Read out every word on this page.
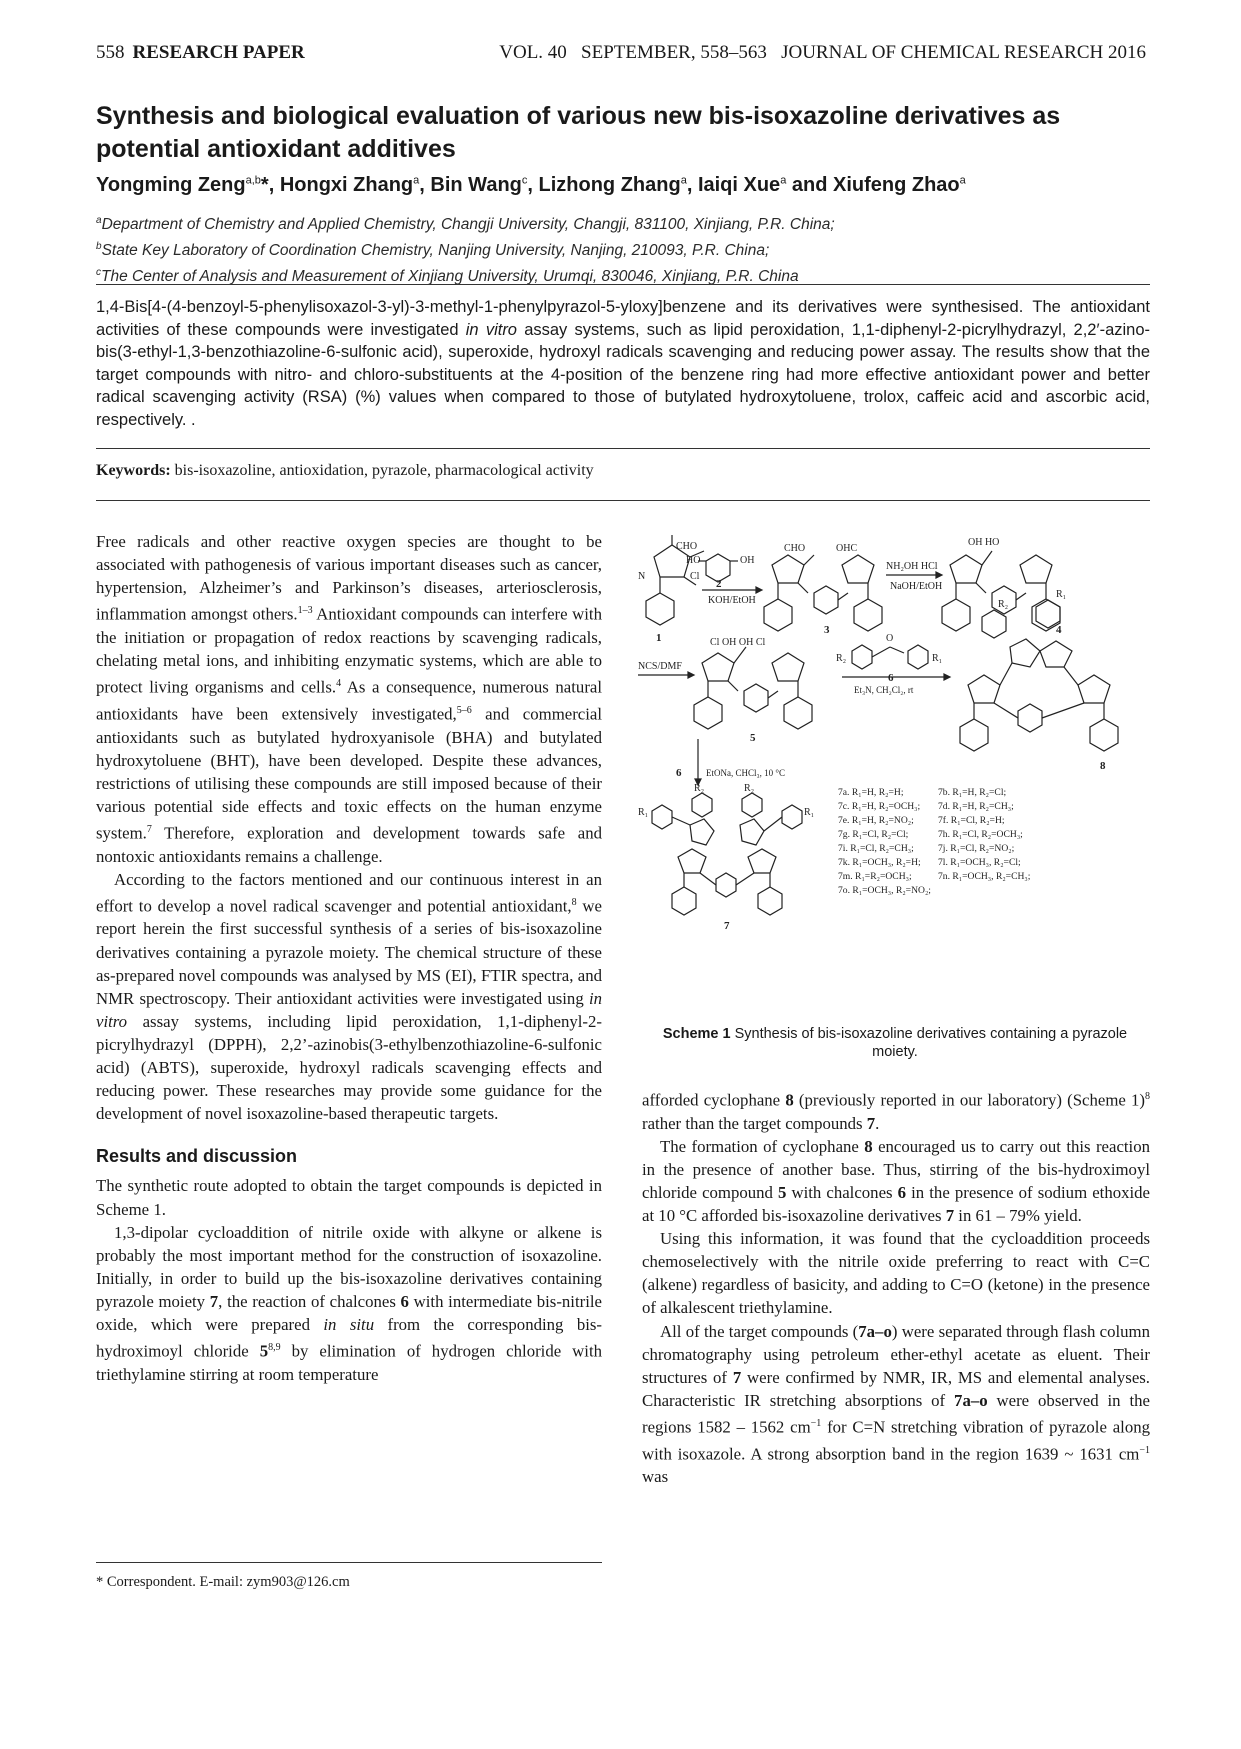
558 RESEARCH PAPER	VOL. 40   SEPTEMBER, 558–563   JOURNAL OF CHEMICAL RESEARCH 2016
Synthesis and biological evaluation of various new bis-isoxazoline derivatives as potential antioxidant additives
Yongming Zeng$^{a,b}$*, Hongxi Zhang$^a$, Bin Wang$^c$, Lizhong Zhang$^a$, Iaiqi Xue$^a$ and Xiufeng Zhao$^a$
$^a$Department of Chemistry and Applied Chemistry, Changji University, Changji, 831100, Xinjiang, P.R. China;
$^b$State Key Laboratory of Coordination Chemistry, Nanjing University, Nanjing, 210093, P.R. China;
$^c$The Center of Analysis and Measurement of Xinjiang University, Urumqi, 830046, Xinjiang, P.R. China
1,4-Bis[4-(4-benzoyl-5-phenylisoxazol-3-yl)-3-methyl-1-phenylpyrazol-5-yloxy]benzene and its derivatives were synthesised. The antioxidant activities of these compounds were investigated in vitro assay systems, such as lipid peroxidation, 1,1-diphenyl-2-picrylhydrazyl, 2,2′-azino-bis(3-ethyl-1,3-benzothiazoline-6-sulfonic acid), superoxide, hydroxyl radicals scavenging and reducing power assay. The results show that the target compounds with nitro- and chloro-substituents at the 4-position of the benzene ring had more effective antioxidant power and better radical scavenging activity (RSA) (%) values when compared to those of butylated hydroxytoluene, trolox, caffeic acid and ascorbic acid, respectively. .
Keywords: bis-isoxazoline, antioxidation, pyrazole, pharmacological activity

Free radicals and other reactive oxygen species are thought to be associated with pathogenesis of various important diseases such as cancer, hypertension, Alzheimer’s and Parkinson’s diseases, arteriosclerosis, inflammation amongst others.$^{1-3}$ Antioxidant compounds can interfere with the initiation or propagation of redox reactions by scavenging radicals, chelating metal ions, and inhibiting enzymatic systems, which are able to protect living organisms and cells.$^4$ As a consequence, numerous natural antioxidants have been extensively investigated,$^{5-6}$ and commercial antioxidants such as butylated hydroxyanisole (BHA) and butylated hydroxytoluene (BHT), have been developed. Despite these advances, restrictions of utilising these compounds are still imposed because of their various potential side effects and toxic effects on the human enzyme system.$^7$ Therefore, exploration and development towards safe and nontoxic antioxidants remains a challenge.

According to the factors mentioned and our continuous interest in an effort to develop a novel radical scavenger and potential antioxidant,$^8$ we report herein the first successful synthesis of a series of bis-isoxazoline derivatives containing a pyrazole moiety. The chemical structure of these as-prepared novel compounds was analysed by MS (EI), FTIR spectra, and NMR spectroscopy. Their antioxidant activities were investigated using in vitro assay systems, including lipid peroxidation, 1,1-diphenyl-2-picrylhydrazyl (DPPH), 2,2’-azinobis(3-ethylbenzothiazoline-6-sulfonic acid) (ABTS), superoxide, hydroxyl radicals scavenging effects and reducing power. These researches may provide some guidance for the development of novel isoxazoline-based therapeutic targets.

Results and discussion

The synthetic route adopted to obtain the target compounds is depicted in Scheme 1.

1,3-dipolar cycloaddition of nitrile oxide with alkyne or alkene is probably the most important method for the construction of isoxazoline. Initially, in order to build up the bis-isoxazoline derivatives containing pyrazole moiety 7, the reaction of chalcones 6 with intermediate bis-nitrile oxide, which were prepared in situ from the corresponding bis-hydroximoyl chloride 5$^{8,9}$ by elimination of hydrogen chloride with triethylamine stirring at room temperature

CHO
N	Cl
1
HO	OH
2
KOH/EtOH
CHO	OHC
3
NH₂OH HCl
NaOH/EtOH
OH HO
4
NCS/DMF
Cl OH OH Cl
5
R₂	R₁
O
6
Et₃N, CH₂Cl₂, rt
R₁
R₂
8
6	EtONa, CHCl₃, 10 °C
R₂	R₂
R₁	R₁
7
7a. R₁=H, R₂=H;	7b. R₁=H, R₂=Cl;
7c. R₁=H, R₂=OCH₃; 7d. R₁=H, R₂=CH₃;
7e. R₁=H, R₂=NO₂;	7f. R₁=Cl, R₂=H;
7g. R₁=Cl, R₂=Cl;	7h. R₁=Cl, R₂=OCH₃;
7i. R₁=Cl, R₂=CH₃;	7j. R₁=Cl, R₂=NO₂;
7k. R₁=OCH₃, R₂=H; 7l. R₁=OCH₃, R₂=Cl;
7m. R₁=R₂=OCH₃;	7n. R₁=OCH₃, R₂=CH₃;
7o. R₁=OCH₃, R₂=NO₂;
Scheme 1 Synthesis of bis-isoxazoline derivatives containing a pyrazole moiety.

afforded cyclophane 8 (previously reported in our laboratory) (Scheme 1)$^8$ rather than the target compounds 7.

The formation of cyclophane 8 encouraged us to carry out this reaction in the presence of another base. Thus, stirring of the bis-hydroximoyl chloride compound 5 with chalcones 6 in the presence of sodium ethoxide at 10 °C afforded bis-isoxazoline derivatives 7 in 61 – 79% yield.

Using this information, it was found that the cycloaddition proceeds chemoselectively with the nitrile oxide preferring to react with C=C (alkene) regardless of basicity, and adding to C=O (ketone) in the presence of alkalescent triethylamine.

All of the target compounds (7a–o) were separated through flash column chromatography using petroleum ether-ethyl acetate as eluent. Their structures of 7 were confirmed by NMR, IR, MS and elemental analyses. Characteristic IR stretching absorptions of 7a–o were observed in the regions 1582 – 1562 $cm^{-1}$ for C=N stretching vibration of pyrazole along with isoxazole. A strong absorption band in the region 1639 ~ 1631 $cm^{-1}$ was

* Correspondent. E-mail: zym903@126.cm
